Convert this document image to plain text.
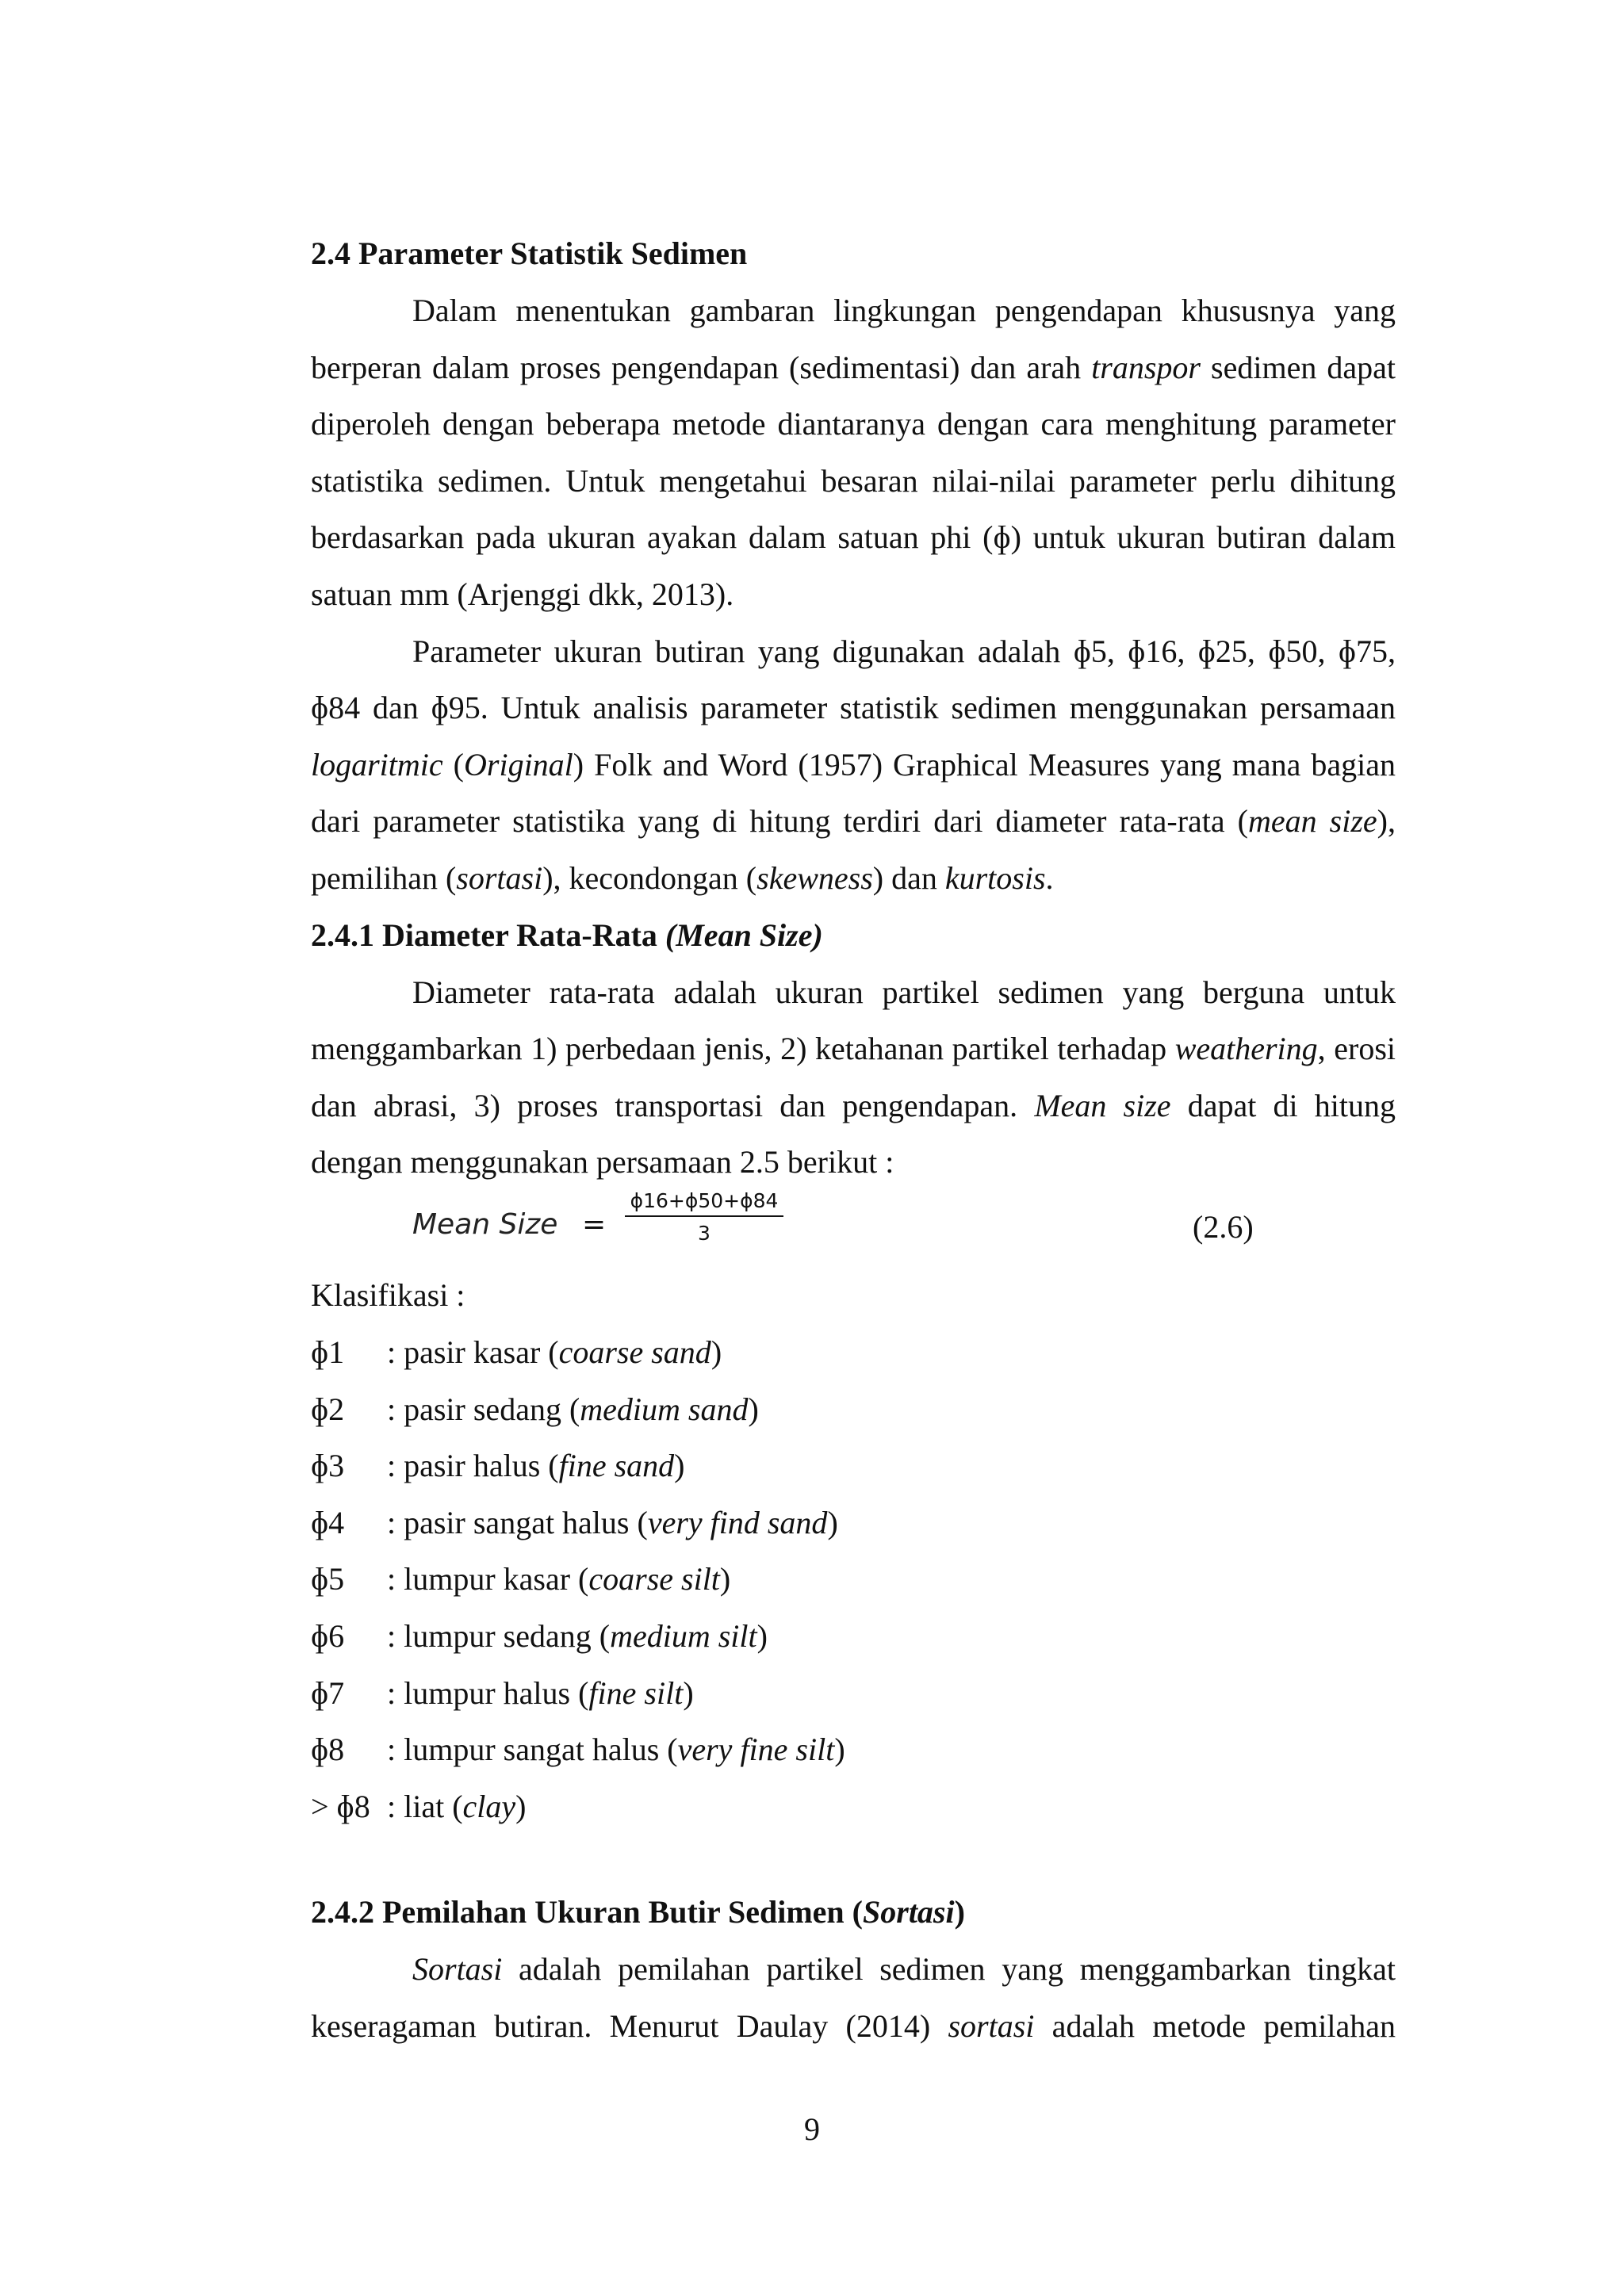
2.4 Parameter Statistik Sedimen

Dalam menentukan gambaran lingkungan pengendapan khususnya yang berperan dalam proses pengendapan (sedimentasi) dan arah transpor sedimen dapat diperoleh dengan beberapa metode diantaranya dengan cara menghitung parameter statistika sedimen. Untuk mengetahui besaran nilai-nilai parameter perlu dihitung berdasarkan pada ukuran ayakan dalam satuan phi (ɸ) untuk ukuran butiran dalam satuan mm (Arjenggi dkk, 2013).

Parameter ukuran butiran yang digunakan adalah ɸ5, ɸ16, ɸ25, ɸ50, ɸ75, ɸ84 dan ɸ95. Untuk analisis parameter statistik sedimen menggunakan persamaan logaritmic (Original) Folk and Word (1957) Graphical Measures yang mana bagian dari parameter statistika yang di hitung terdiri dari diameter rata-rata (mean size), pemilihan (sortasi), kecondongan (skewness) dan kurtosis.

2.4.1 Diameter Rata-Rata (Mean Size)

Diameter rata-rata adalah ukuran partikel sedimen yang berguna untuk menggambarkan 1) perbedaan jenis, 2) ketahanan partikel terhadap weathering, erosi dan abrasi, 3) proses transportasi dan pengendapan. Mean size dapat di hitung dengan menggunakan persamaan 2.5 berikut :

Mean Size = $\frac{\text{ɸ16+ɸ50+ɸ84}}{3}$	(2.6)
Klasifikasi :
ɸ1 : pasir kasar (coarse sand)
ɸ2 : pasir sedang (medium sand)
ɸ3 : pasir halus (fine sand)
ɸ4 : pasir sangat halus (very find sand)
ɸ5 : lumpur kasar (coarse silt)
ɸ6 : lumpur sedang (medium silt)
ɸ7 : lumpur halus (fine silt)
ɸ8 : lumpur sangat halus (very fine silt)
> ɸ8 : liat (clay)
2.4.2 Pemilahan Ukuran Butir Sedimen (Sortasi)

Sortasi adalah pemilahan partikel sedimen yang menggambarkan tingkat keseragaman butiran. Menurut Daulay (2014) sortasi adalah metode pemilahan

9
